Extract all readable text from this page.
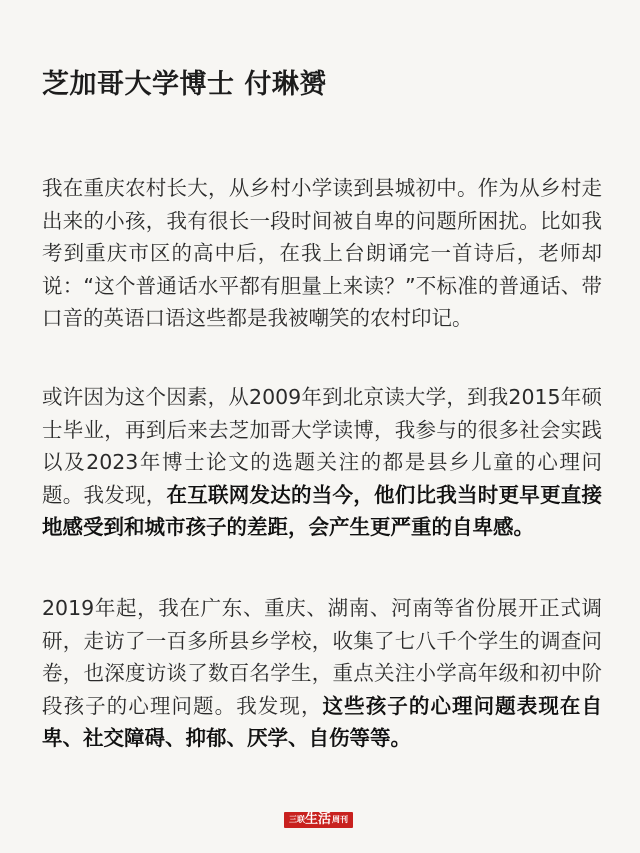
芝加哥大学博士 付琳赟

我在重庆农村长大，从乡村小学读到县城初中。作为从乡村走出来的小孩，我有很长一段时间被自卑的问题所困扰。比如我考到重庆市区的高中后，在我上台朗诵完一首诗后，老师却说：“这个普通话水平都有胆量上来读？”不标准的普通话、带口音的英语口语这些都是我被嘲笑的农村印记。

或许因为这个因素，从2009年到北京读大学，到我2015年硕士毕业，再到后来去芝加哥大学读博，我参与的很多社会实践以及2023年博士论文的选题关注的都是县乡儿童的心理问题。我发现，在互联网发达的当今，他们比我当时更早更直接地感受到和城市孩子的差距，会产生更严重的自卑感。

2019年起，我在广东、重庆、湖南、河南等省份展开正式调研，走访了一百多所县乡学校，收集了七八千个学生的调查问卷，也深度访谈了数百名学生，重点关注小学高年级和初中阶段孩子的心理问题。我发现，这些孩子的心理问题表现在自卑、社交障碍、抑郁、厌学、自伤等等。

三联 生活 周刊
